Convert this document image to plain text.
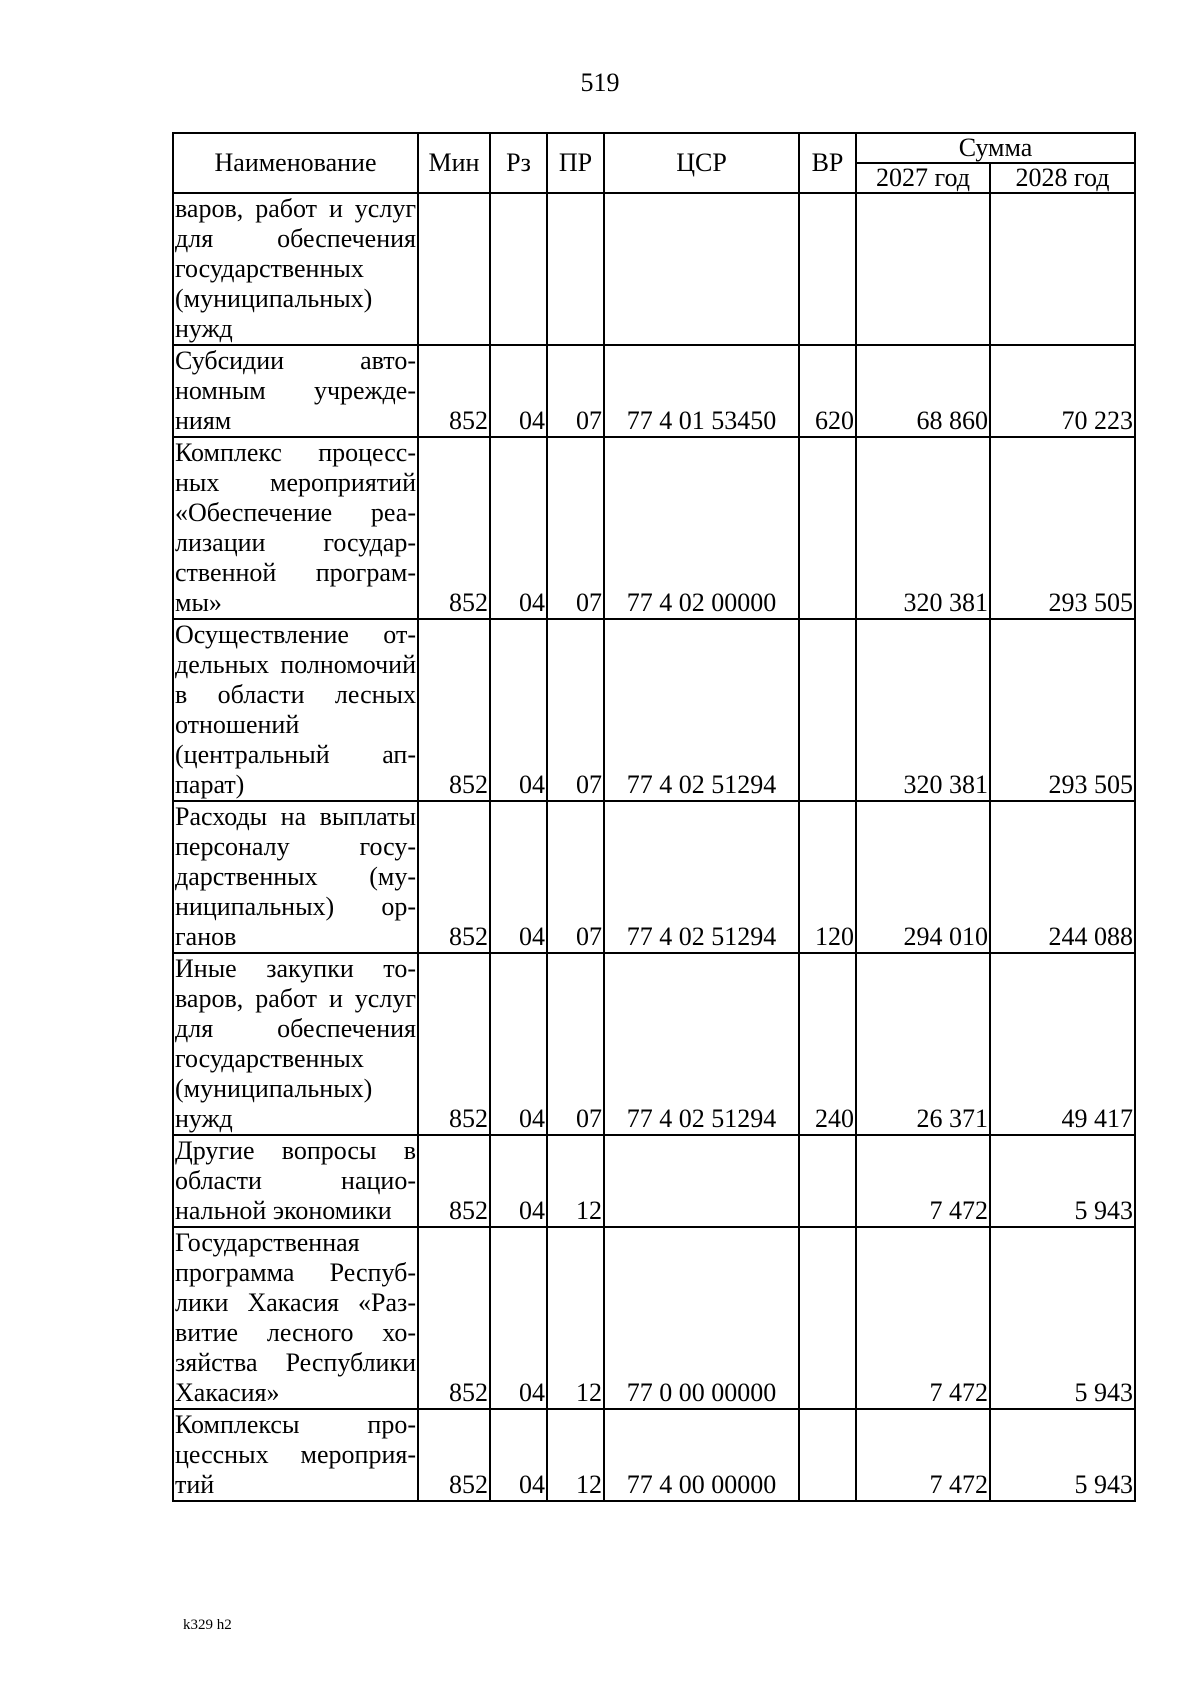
519
Наименование	Мин	Рз	ПР	ЦСР	ВР	Сумма	
						2027 год	2028 год
варов, работ и услуг для обеспечения государственных (муниципальных) нужд							
Субсидии автономным учреждениям	852	04	07	77 4 01 53450	620	68 860	70 223
Комплекс процессных мероприятий «Обеспечение реализации государственной программы»	852	04	07	77 4 02 00000		320 381	293 505
Осуществление отдельных полномочий в области лесных отношений (центральный аппарат)	852	04	07	77 4 02 51294		320 381	293 505
Расходы на выплаты персоналу государственных (муниципальных) органов	852	04	07	77 4 02 51294	120	294 010	244 088
Иные закупки товаров, работ и услуг для обеспечения государственных (муниципальных) нужд	852	04	07	77 4 02 51294	240	26 371	49 417
Другие вопросы в области национальной экономики	852	04	12			7 472	5 943
Государственная программа Республики Хакасия «Развитие лесного хозяйства Республики Хакасия»	852	04	12	77 0 00 00000		7 472	5 943
Комплексы процессных мероприятий	852	04	12	77 4 00 00000		7 472	5 943
k329 h2
